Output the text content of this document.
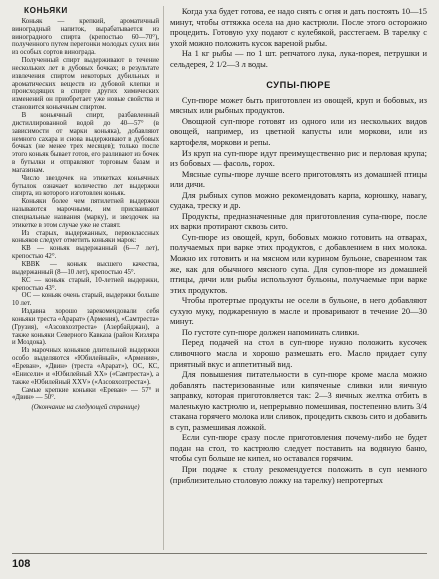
КОНЬЯКИ

Коньяк — крепкий, ароматичный виноградный напиток, вырабатывается из виноградного спирта (крепостью 60—70°), полученного путем перегонки молодых сухих вин из особых сортов винограда.

Полученный спирт выдерживают в течение нескольких лет в дубовых бочках; в результате извлечения спиртом некоторых дубильных и ароматических веществ из дубовой клепки и происходящих в спирте других химических изменений он приобретает уже новые свойства и становится коньячным спиртом.

В коньячный спирт, разбавленный дистиллированной водой до 40—57° (в зависимости от марки коньяка), добавляют немного сахара и снова выдерживают в дубовых бочках (не менее трех месяцев); только после этого коньяк бывает готов, его разливают из бочек в бутылки и отправляют торговым базам и магазинам.

Число звездочек на этикетках коньячных бутылок означает количество лет выдержки спирта, из которого изготовлен коньяк.

Коньяки более чем пятилетней выдержки называются марочными, им присваивают специальные названия (марку), и звездочек на этикетке в этом случае уже не ставят.

Из старых, выдержанных, первоклассных коньяков следует отметить коньяки марок:

КВ — коньяк выдержанный (6—7 лет), крепостью 42°.

КВВК — коньяк высшего качества, выдержанный (8—10 лет), крепостью 45°.

КС — коньяк старый, 10-летней выдержки, крепостью 43°.

ОС — коньяк очень старый, выдержки больше 10 лет.

Издавна хорошо зарекомендовали себя коньяки треста «Арарат» (Армения), «Самтреста» (Грузия), «Азсовхозтреста» (Азербайджан), а также коньяки Северного Кавказа (район Кизляра и Моздока).

Из марочных коньяков длительной выдержки особо выделяются «Юбилейный», «Армения», «Ереван», «Двин» (треста «Арарат»), ОС, КС, «Енисели» и «Юбилейный XX» («Самтреста»), а также «Юбилейный XXV» («Азсовхозтреста»).

Самые крепкие коньяки «Ереван» — 57° и «Двин» — 50°.

(Окончание на следующей странице)

Когда уха будет готова, ее надо снять с огня и дать постоять 10—15 минут, чтобы оттяжка осела на дно кастрюли. После этого осторожно процедить. Готовую уху подают с кулебякой, расстегаем. В тарелку с ухой можно положить кусок вареной рыбы.

На 1 кг рыбы — по 1 шт. репчатого лука, лука-порея, петрушки и сельдерея, 2 1/2—3 л воды.

СУПЫ-ПЮРЕ

Суп-пюре может быть приготовлен из овощей, круп и бобовых, из мясных или рыбных продуктов.

Овощной суп-пюре готовят из одного или из нескольких видов овощей, например, из цветной капусты или моркови, или из картофеля, моркови и репы.

Из круп на суп-пюре идут преимущественно рис и перловая крупа; из бобовых — фасоль, горох.

Мясные супы-пюре лучше всего приготовлять из домашней птицы или дичи.

Для рыбных супов можно рекомендовать карпа, корюшку, навагу, судака, треску и др.

Продукты, предназначенные для приготовления супа-пюре, после их варки протирают сквозь сито.

Суп-пюре из овощей, круп, бобовых можно готовить на отварах, получаемых при варке этих продуктов, с добавлением в них молока. Можно их готовить и на мясном или курином бульоне, сваренном так же, как для обычного мясного супа. Для супов-пюре из домашней птицы, дичи или рыбы используют бульоны, получаемые при варке этих продуктов.

Чтобы протертые продукты не осели в бульоне, в него добавляют сухую муку, поджаренную в масле и проваривают в течение 20—30 минут.

По густоте суп-пюре должен напоминать сливки.

Перед подачей на стол в суп-пюре нужно положить кусочек сливочного масла и хорошо размешать его. Масло придает супу приятный вкус и аппетитный вид.

Для повышения питательности в суп-пюре кроме масла можно добавлять пастеризованные или кипяченые сливки или яичную заправку, которая приготовляется так: 2—3 яичных желтка отбить в маленькую кастрюлю и, непрерывно помешивая, постепенно влить 3/4 стакана горячего молока или сливок, процедить сквозь сито и добавить в суп, размешивая ложкой.

Если суп-пюре сразу после приготовления почему-либо не будет подан на стол, то кастрюлю следует поставить на водяную баню, чтобы суп больше не кипел, но оставался горячим.

При подаче к столу рекомендуется положить в суп немного (приблизительно столовую ложку на тарелку) непротертых

108
